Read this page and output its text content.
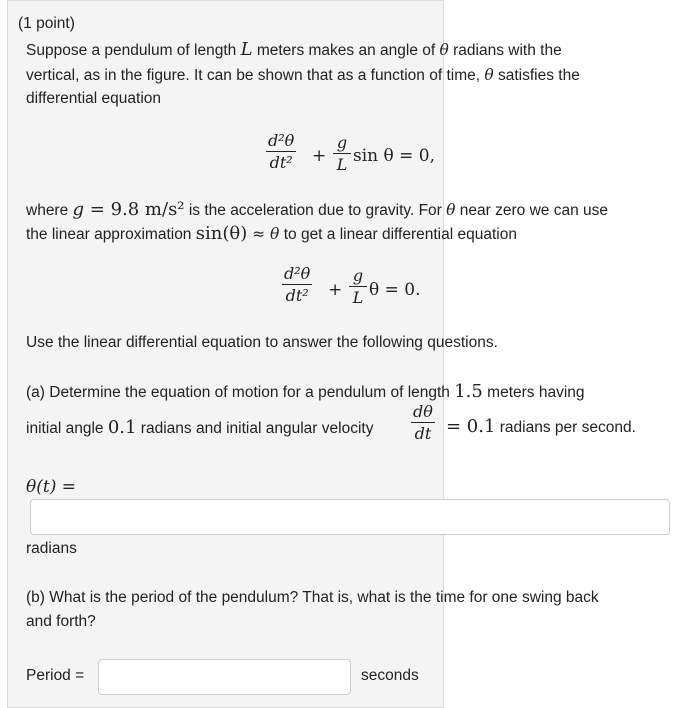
(1 point)
Suppose a pendulum of length L meters makes an angle of θ radians with the
vertical, as in the figure. It can be shown that as a function of time, θ satisfies the
differential equation
$\frac{\text{d²θ}}{\text{dt²}} + \frac{g}{L}$ sin θ = 0,
where g = 9.8 m/s² is the acceleration due to gravity. For θ near zero we can use
the linear approximation sin(θ) ≈ θ to get a linear differential equation
$\frac{\text{d²θ}}{\text{dt²}} + \frac{g}{L}$ θ = 0.
Use the linear differential equation to answer the following questions.
(a) Determine the equation of motion for a pendulum of length 1.5 meters having
initial angle 0.1 radians and initial angular velocity $\frac{d\theta}{dt} = 0.1$ radians per second.
θ(t) =
radians
(b) What is the period of the pendulum? That is, what is the time for one swing back
and forth?
Period =	seconds
